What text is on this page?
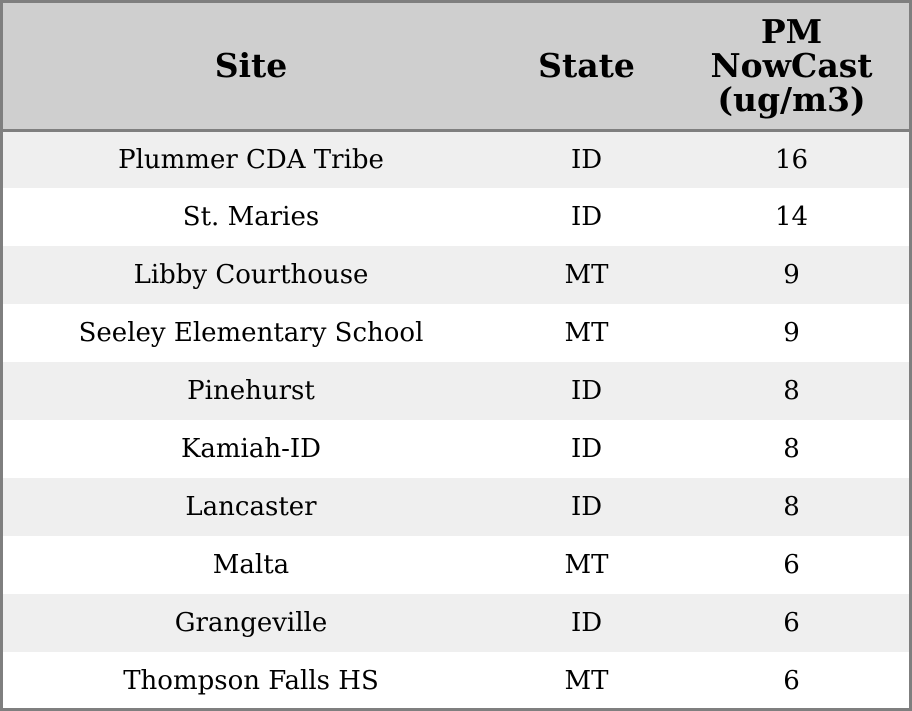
Site	State	PM NowCast (ug/m3)
Plummer CDA Tribe	ID	16
St. Maries	ID	14
Libby Courthouse	MT	9
Seeley Elementary School	MT	9
Pinehurst	ID	8
Kamiah-ID	ID	8
Lancaster	ID	8
Malta	MT	6
Grangeville	ID	6
Thompson Falls HS	MT	6
